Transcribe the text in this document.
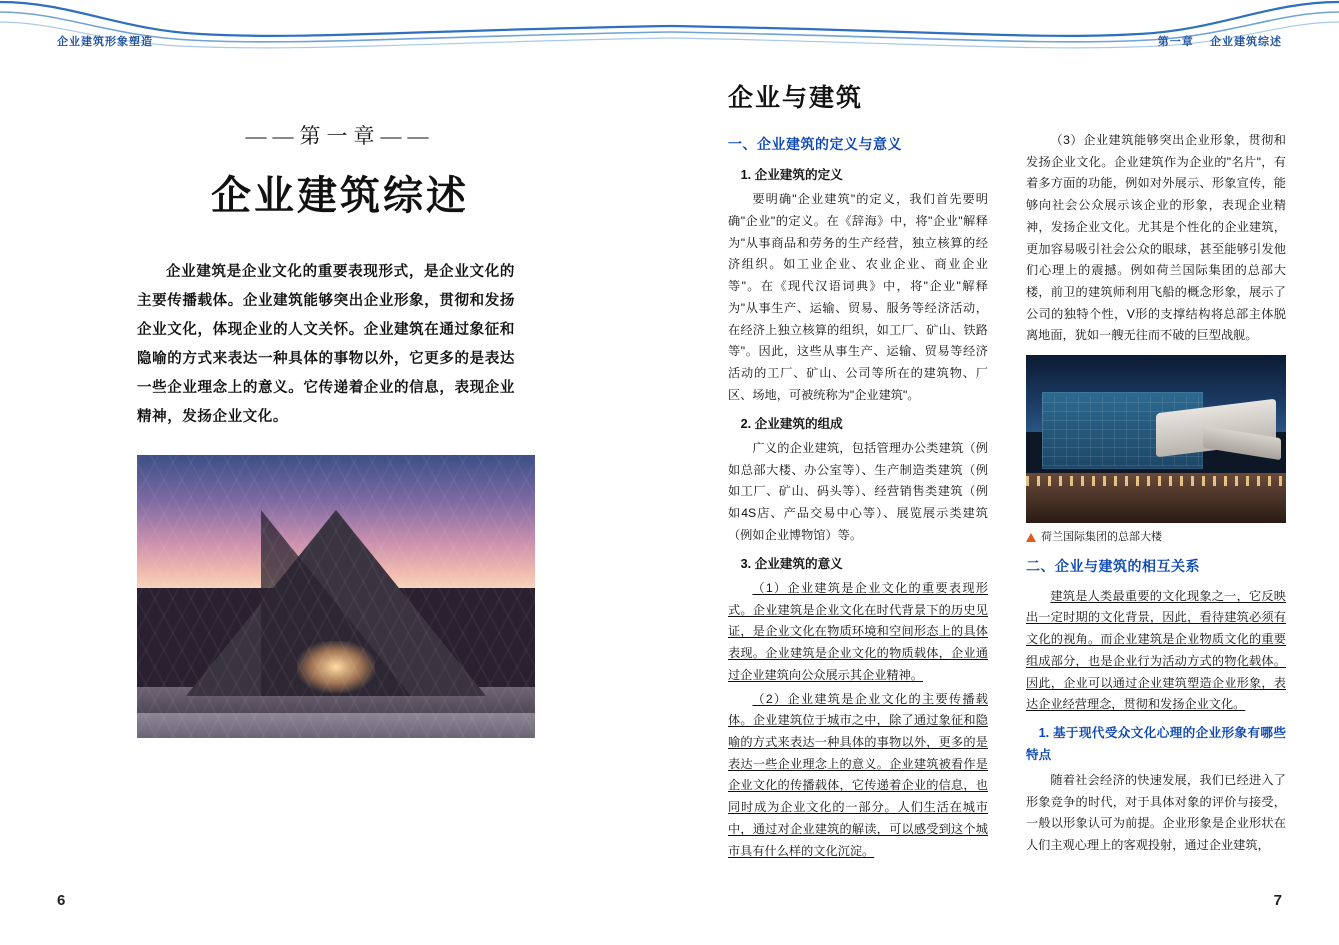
企业建筑形象塑造
——第一章——
企业建筑综述
企业建筑是企业文化的重要表现形式，是企业文化的主要传播载体。企业建筑能够突出企业形象，贯彻和发扬企业文化，体现企业的人文关怀。企业建筑在通过象征和隐喻的方式来表达一种具体的事物以外，它更多的是表达一些企业理念上的意义。它传递着企业的信息，表现企业精神，发扬企业文化。
6
第一章 企业建筑综述
企业与建筑
一、企业建筑的定义与意义
1. 企业建筑的定义

要明确"企业建筑"的定义，我们首先要明确"企业"的定义。在《辞海》中，将"企业"解释为"从事商品和劳务的生产经营，独立核算的经济组织。如工业企业、农业企业、商业企业等"。在《现代汉语词典》中，将"企业"解释为"从事生产、运输、贸易、服务等经济活动，在经济上独立核算的组织，如工厂、矿山、铁路等"。因此，这些从事生产、运输、贸易等经济活动的工厂、矿山、公司等所在的建筑物、厂区、场地，可被统称为"企业建筑"。

2. 企业建筑的组成

广义的企业建筑，包括管理办公类建筑（例如总部大楼、办公室等）、生产制造类建筑（例如工厂、矿山、码头等）、经营销售类建筑（例如4S店、产品交易中心等）、展览展示类建筑（例如企业博物馆）等。

3. 企业建筑的意义

（1）企业建筑是企业文化的重要表现形式。企业建筑是企业文化在时代背景下的历史见证，是企业文化在物质环境和空间形态上的具体表现。企业建筑是企业文化的物质载体，企业通过企业建筑向公众展示其企业精神。

（2）企业建筑是企业文化的主要传播载体。企业建筑位于城市之中，除了通过象征和隐喻的方式来表达一种具体的事物以外，更多的是表达一些企业理念上的意义。企业建筑被看作是企业文化的传播载体，它传递着企业的信息，也同时成为企业文化的一部分。人们生活在城市中，通过对企业建筑的解读，可以感受到这个城市具有什么样的文化沉淀。

（3）企业建筑能够突出企业形象，贯彻和发扬企业文化。企业建筑作为企业的"名片"，有着多方面的功能，例如对外展示、形象宣传，能够向社会公众展示该企业的形象，表现企业精神，发扬企业文化。尤其是个性化的企业建筑，更加容易吸引社会公众的眼球，甚至能够引发他们心理上的震撼。例如荷兰国际集团的总部大楼，前卫的建筑师利用飞船的概念形象，展示了公司的独特个性，V形的支撑结构将总部主体脱离地面，犹如一艘无往而不破的巨型战舰。

荷兰国际集团的总部大楼
二、企业与建筑的相互关系

建筑是人类最重要的文化现象之一，它反映出一定时期的文化背景，因此，看待建筑必须有文化的视角。而企业建筑是企业物质文化的重要组成部分，也是企业行为活动方式的物化载体。因此，企业可以通过企业建筑塑造企业形象，表达企业经营理念，贯彻和发扬企业文化。

1. 基于现代受众文化心理的企业形象有哪些特点

随着社会经济的快速发展，我们已经进入了形象竞争的时代，对于具体对象的评价与接受，一般以形象认可为前提。企业形象是企业形状在人们主观心理上的客观投射，通过企业建筑，

7
